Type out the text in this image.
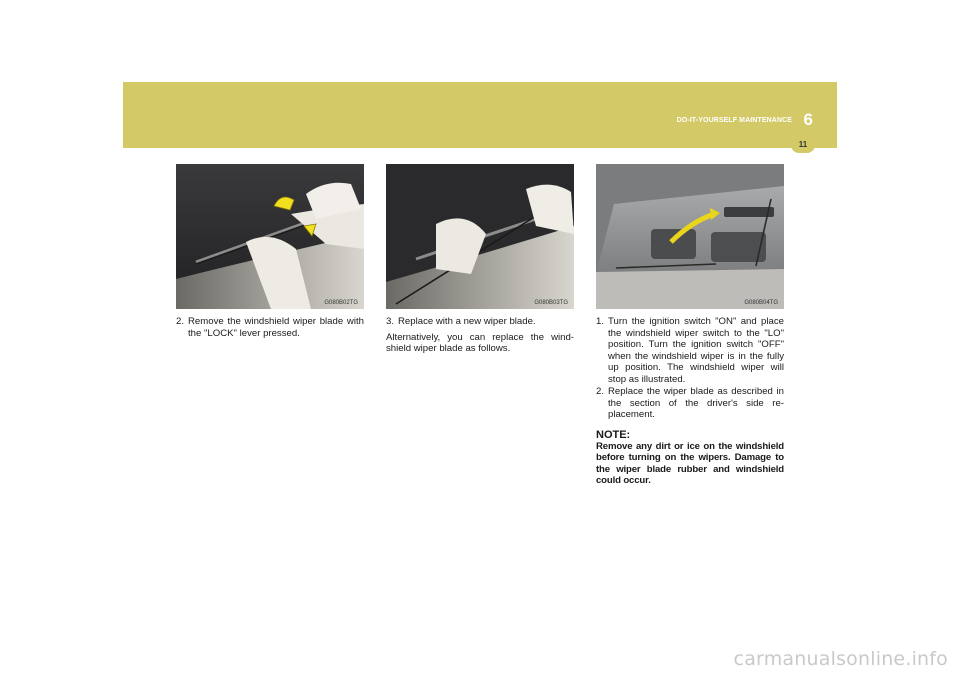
DO-IT-YOURSELF MAINTENANCE 6
11
G080B02TG	G080B03TG	G080B04TG
2. Remove the windshield wiper blade with the "LOCK" lever pressed.

3. Replace with a new wiper blade.

Alternatively, you can replace the wind-shield wiper blade as follows.

1. Turn the ignition switch "ON" and place the windshield wiper switch to the "LO" position. Turn the ignition switch "OFF" when the windshield wiper is in the fully up position. The windshield wiper will stop as illustrated.
2. Replace the wiper blade as described in the section of the driver's side re-placement.
NOTE:
Remove any dirt or ice on the windshield before turning on the wipers. Damage to the wiper blade rubber and windshield could occur.
carmanualsonline.info
